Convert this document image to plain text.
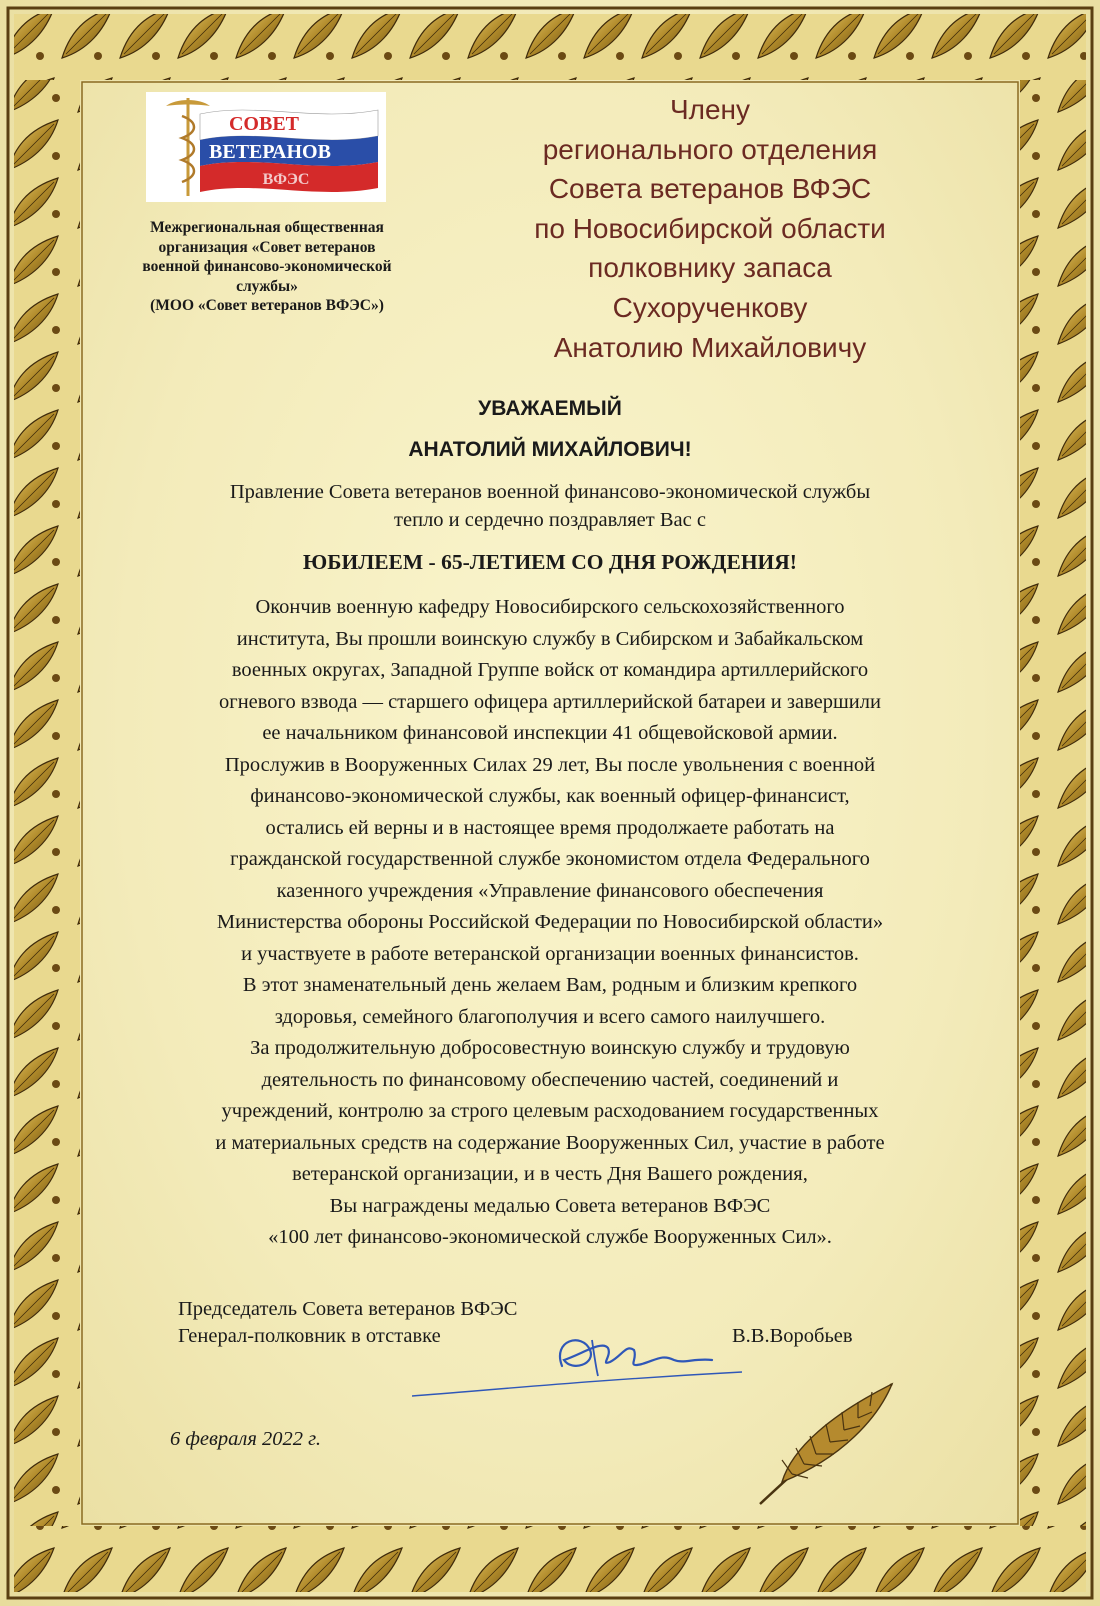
СОВЕТ
ВЕТЕРАНОВ
ВФЭС
Межрегиональная общественная
организация «Совет ветеранов
военной финансово-экономической
службы»
(МОО «Совет ветеранов ВФЭС»)
Члену
регионального отделения
Совета ветеранов ВФЭС
по Новосибирской области
полковнику запаса
Сухорученкову
Анатолию Михайловичу
УВАЖАЕМЫЙ
АНАТОЛИЙ МИХАЙЛОВИЧ!
Правление Совета ветеранов военной финансово-экономической службы
тепло и сердечно поздравляет Вас с
ЮБИЛЕЕМ - 65-ЛЕТИЕМ СО ДНЯ РОЖДЕНИЯ!
Окончив военную кафедру Новосибирского сельскохозяйственного
института, Вы прошли воинскую службу в Сибирском и Забайкальском
военных округах, Западной Группе войск от командира артиллерийского
огневого взвода — старшего офицера артиллерийской батареи и завершили
ее начальником финансовой инспекции 41 общевойсковой армии.
Прослужив в Вооруженных Силах 29 лет, Вы после увольнения с военной
финансово-экономической службы, как военный офицер-финансист,
остались ей верны и в настоящее время продолжаете работать на
гражданской государственной службе экономистом отдела Федерального
казенного учреждения «Управление финансового обеспечения
Министерства обороны Российской Федерации по Новосибирской области»
и участвуете в работе ветеранской организации военных финансистов.
В этот знаменательный день желаем Вам, родным и близким крепкого
здоровья, семейного благополучия и всего самого наилучшего.
За продолжительную добросовестную воинскую службу и трудовую
деятельность по финансовому обеспечению частей, соединений и
учреждений, контролю за строго целевым расходованием государственных
и материальных средств на содержание Вооруженных Сил, участие в работе
ветеранской организации, и в честь Дня Вашего рождения,
Вы награждены медалью Совета ветеранов ВФЭС
«100 лет финансово-экономической службе Вооруженных Сил».
Председатель Совета ветеранов ВФЭС
Генерал-полковник в отставке	В.В.Воробьев
6 февраля 2022 г.
